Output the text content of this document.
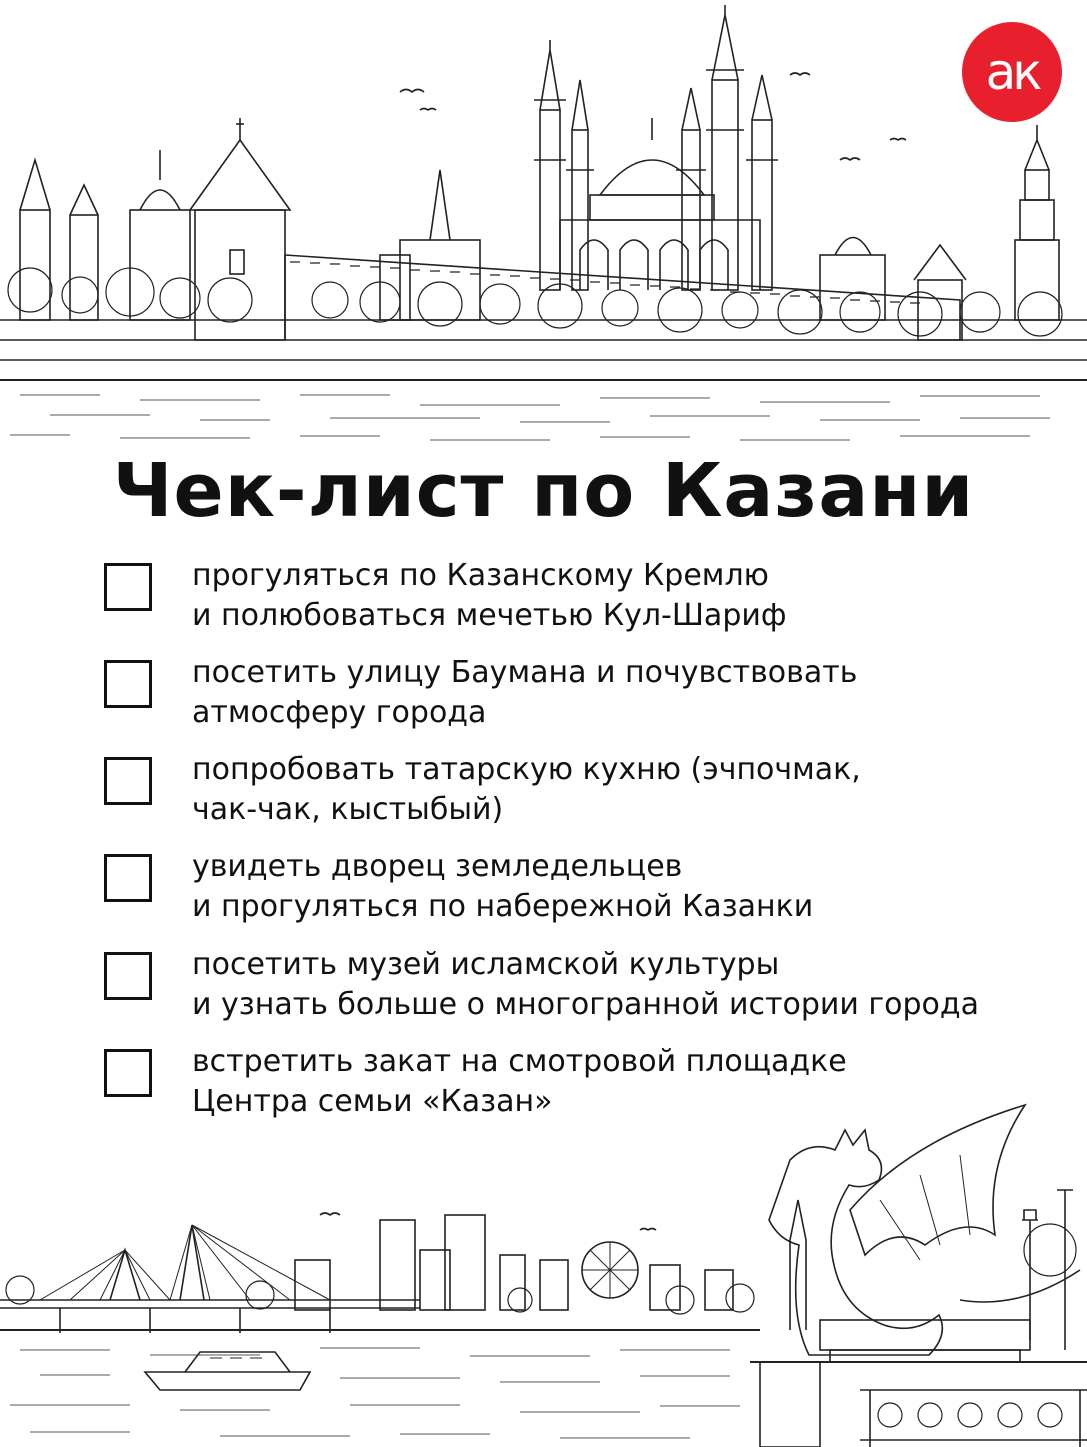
ак
Чек-лист по Казани
прогуляться по Казанскому Кремлю
и полюбоваться мечетью Кул-Шариф
посетить улицу Баумана и почувствовать
атмосферу города
попробовать татарскую кухню (эчпочмак,
чак-чак, кыстыбый)
увидеть дворец земледельцев
и прогуляться по набережной Казанки
посетить музей исламской культуры
и узнать больше о многогранной истории города
встретить закат на смотровой площадке
Центра семьи «Казан»
